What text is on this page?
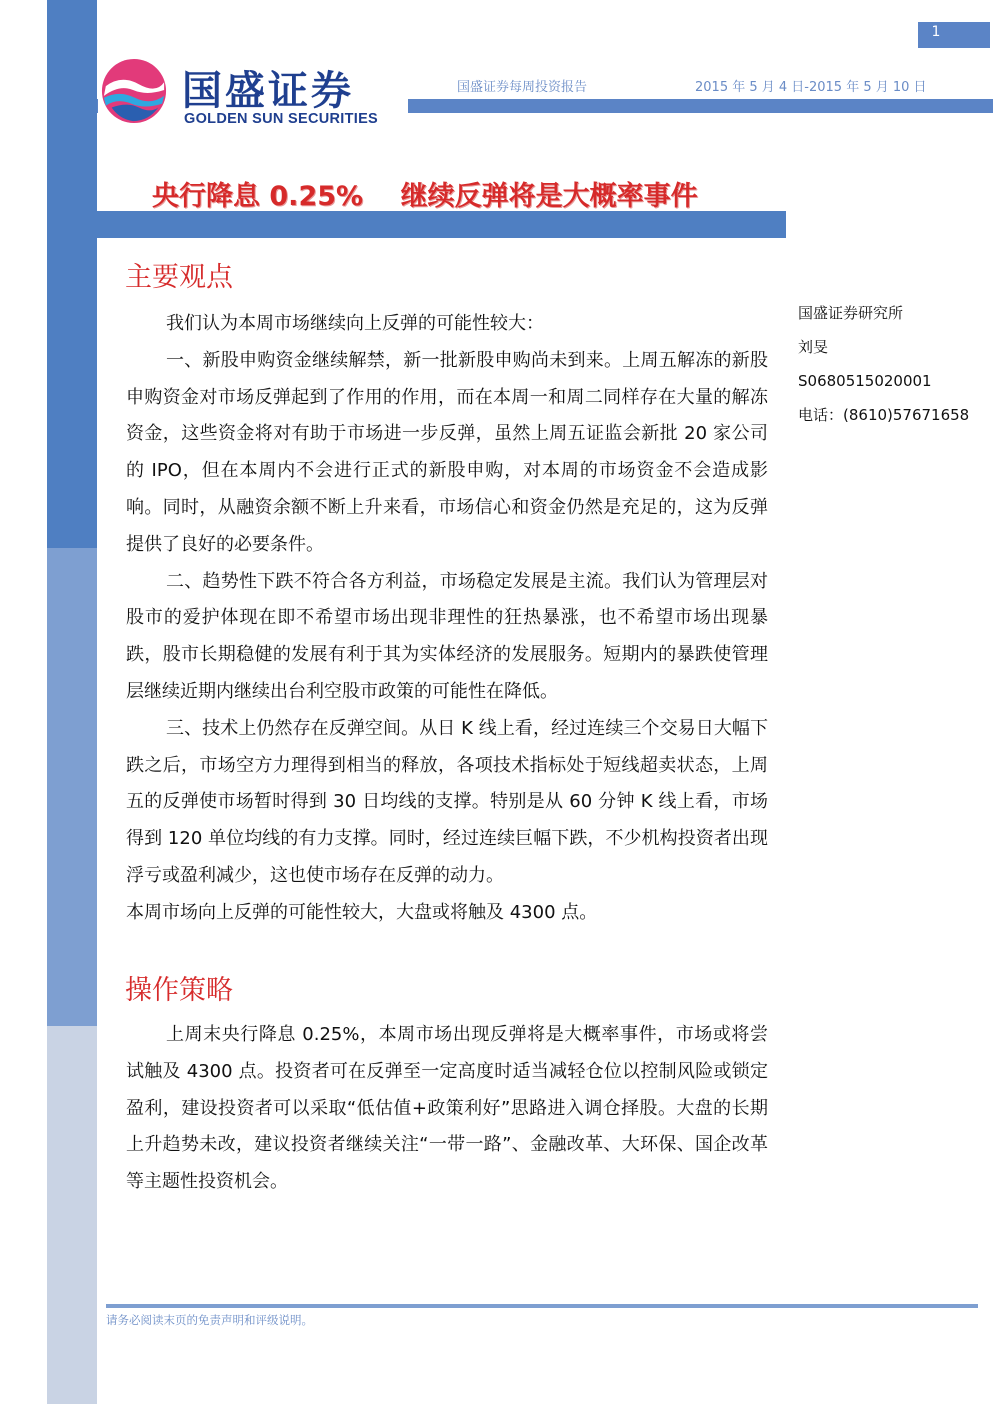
1
国盛证券
GOLDEN SUN SECURITIES
国盛证券每周投资报告	2015 年 5 月 4 日-2015 年 5 月 10 日
央行降息 0.25%    继续反弹将是大概率事件
主要观点

我们认为本周市场继续向上反弹的可能性较大：

一、新股申购资金继续解禁，新一批新股申购尚未到来。上周五解冻的新股申购资金对市场反弹起到了作用的作用，而在本周一和周二同样存在大量的解冻资金，这些资金将对有助于市场进一步反弹，虽然上周五证监会新批 20 家公司的 IPO，但在本周内不会进行正式的新股申购，对本周的市场资金不会造成影响。同时，从融资余额不断上升来看，市场信心和资金仍然是充足的，这为反弹提供了良好的必要条件。

二、趋势性下跌不符合各方利益，市场稳定发展是主流。我们认为管理层对股市的爱护体现在即不希望市场出现非理性的狂热暴涨，也不希望市场出现暴跌，股市长期稳健的发展有利于其为实体经济的发展服务。短期内的暴跌使管理层继续近期内继续出台利空股市政策的可能性在降低。

三、技术上仍然存在反弹空间。从日 K 线上看，经过连续三个交易日大幅下跌之后，市场空方力理得到相当的释放，各项技术指标处于短线超卖状态，上周五的反弹使市场暂时得到 30 日均线的支撑。特别是从 60 分钟 K 线上看，市场得到 120 单位均线的有力支撑。同时，经过连续巨幅下跌，不少机构投资者出现浮亏或盈利减少，这也使市场存在反弹的动力。

本周市场向上反弹的可能性较大，大盘或将触及 4300 点。

操作策略

上周末央行降息 0.25%，本周市场出现反弹将是大概率事件，市场或将尝试触及 4300 点。投资者可在反弹至一定高度时适当减轻仓位以控制风险或锁定盈利，建设投资者可以采取“低估值+政策利好”思路进入调仓择股。大盘的长期上升趋势未改，建议投资者继续关注“一带一路”、金融改革、大环保、国企改革等主题性投资机会。

国盛证券研究所
刘旻
S0680515020001
电话：(8610)57671658
请务必阅读末页的免责声明和评级说明。
